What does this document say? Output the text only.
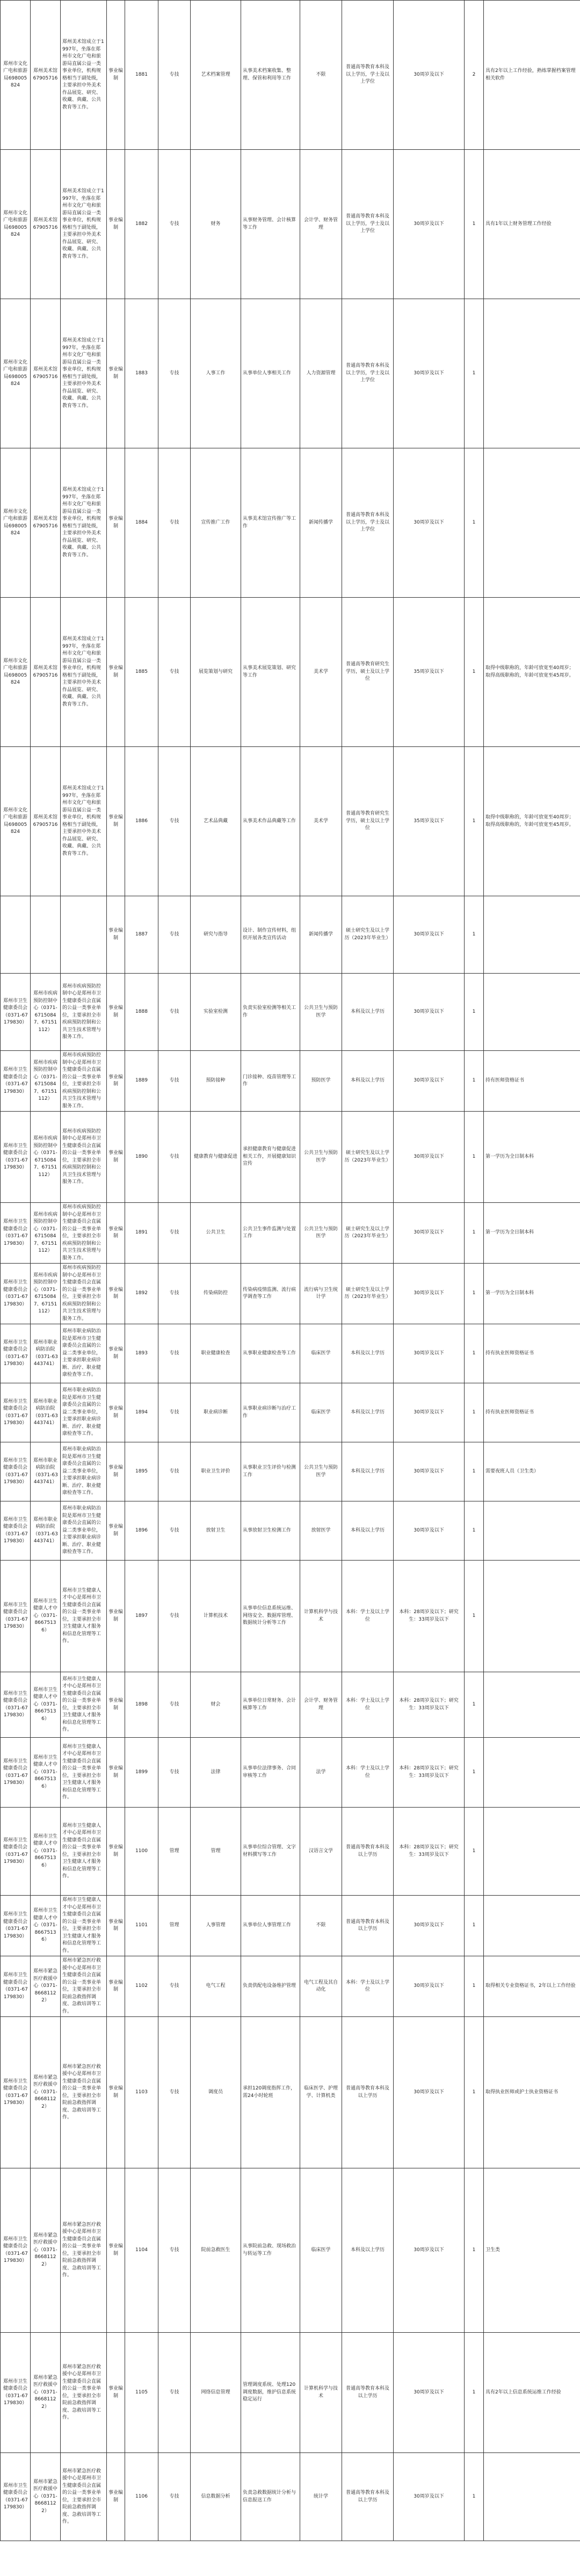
郑州市文化广电和旅游局698005824	郑州美术馆67905716	郑州美术馆成立于1997年，坐落在郑州市文化广电和旅游局直属公益一类事业单位，机构规格相当于副处级，主要承担中外美术作品展览、研究、收藏、典藏、公共教育等工作。	事业编制	1881	专技	艺术档案管理	从事美术档案收集、整理、保管和利用等工作	不限	普通高等教育本科及以上学历，学士及以上学位	30周岁及以下	2	具有2年以上工作经验，熟练掌握档案管理相关软件
郑州市文化广电和旅游局698005824	郑州美术馆67905716	郑州美术馆成立于1997年，坐落在郑州市文化广电和旅游局直属公益一类事业单位，机构规格相当于副处级，主要承担中外美术作品展览、研究、收藏、典藏、公共教育等工作。	事业编制	1882	专技	财务	从事财务管理、会计核算等工作	会计学、财务管理	普通高等教育本科及以上学历，学士及以上学位	30周岁及以下	1	具有1年以上财务管理工作经验
郑州市文化广电和旅游局698005824	郑州美术馆67905716	郑州美术馆成立于1997年，坐落在郑州市文化广电和旅游局直属公益一类事业单位，机构规格相当于副处级，主要承担中外美术作品展览、研究、收藏、典藏、公共教育等工作。	事业编制	1883	专技	人事工作	从事单位人事相关工作	人力资源管理	普通高等教育本科及以上学历，学士及以上学位	30周岁及以下	1	
郑州市文化广电和旅游局698005824	郑州美术馆67905716	郑州美术馆成立于1997年，坐落在郑州市文化广电和旅游局直属公益一类事业单位，机构规格相当于副处级，主要承担中外美术作品展览、研究、收藏、典藏、公共教育等工作。	事业编制	1884	专技	宣传推广工作	从事美术馆宣传推广等工作	新闻传播学	普通高等教育本科及以上学历，学士及以上学位	30周岁及以下	1	
郑州市文化广电和旅游局698005824	郑州美术馆67905716	郑州美术馆成立于1997年，坐落在郑州市文化广电和旅游局直属公益一类事业单位，机构规格相当于副处级，主要承担中外美术作品展览、研究、收藏、典藏、公共教育等工作。	事业编制	1885	专技	展览策划与研究	从事美术展览策划、研究等工作	美术学	普通高等教育研究生学历，硕士及以上学位	35周岁及以下	1	取得中级职称的，年龄可放宽至40周岁；取得高级职称的，年龄可放宽至45周岁。
郑州市文化广电和旅游局698005824	郑州美术馆67905716	郑州美术馆成立于1997年，坐落在郑州市文化广电和旅游局直属公益一类事业单位，机构规格相当于副处级，主要承担中外美术作品展览、研究、收藏、典藏、公共教育等工作。	事业编制	1886	专技	艺术品典藏	从事美术作品典藏等工作	美术学	普通高等教育研究生学历，硕士及以上学位	35周岁及以下	1	取得中级职称的，年龄可放宽至40周岁；取得高级职称的，年龄可放宽至45周岁。
			事业编制	1887	专技	研究与指导	设计、制作宣传材料，组织开展各类宣传活动	新闻传播学	硕士研究生及以上学历（2023年毕业生）	30周岁及以下	1	
郑州市卫生健康委员会（0371-67179830）	郑州市疾病预防控制中心（0371-67150847、67151112）	郑州市疾病预防控制中心是郑州市卫生健康委员会直属的公益一类事业单位，主要承担全市疾病预防控制和公共卫生技术管理与服务工作。	事业编制	1888	专技	实验室检测	负责实验室检测等相关工作	公共卫生与预防医学	本科及以上学历	30周岁及以下	1	
郑州市卫生健康委员会（0371-67179830）	郑州市疾病预防控制中心（0371-67150847、67151112）	郑州市疾病预防控制中心是郑州市卫生健康委员会直属的公益一类事业单位，主要承担全市疾病预防控制和公共卫生技术管理与服务工作。	事业编制	1889	专技	预防接种	门诊接种、疫苗管理等工作	预防医学	本科及以上学历	30周岁及以下	1	持有医师资格证书
郑州市卫生健康委员会（0371-67179830）	郑州市疾病预防控制中心（0371-67150847、67151112）	郑州市疾病预防控制中心是郑州市卫生健康委员会直属的公益一类事业单位，主要承担全市疾病预防控制和公共卫生技术管理与服务工作。	事业编制	1890	专技	健康教育与健康促进	承担健康教育与健康促进相关工作，开展健康知识宣传	公共卫生与预防医学	硕士研究生及以上学历（2023年毕业生）	30周岁及以下	1	第一学历为全日制本科
郑州市卫生健康委员会（0371-67179830）	郑州市疾病预防控制中心（0371-67150847、67151112）	郑州市疾病预防控制中心是郑州市卫生健康委员会直属的公益一类事业单位，主要承担全市疾病预防控制和公共卫生技术管理与服务工作。	事业编制	1891	专技	公共卫生	公共卫生事件监测与处置工作	公共卫生与预防医学	硕士研究生及以上学历（2023年毕业生）	30周岁及以下	1	第一学历为全日制本科
郑州市卫生健康委员会（0371-67179830）	郑州市疾病预防控制中心（0371-67150847、67151112）	郑州市疾病预防控制中心是郑州市卫生健康委员会直属的公益一类事业单位，主要承担全市疾病预防控制和公共卫生技术管理与服务工作。	事业编制	1892	专技	传染病防控	传染病疫情监测、流行病学调查等工作	流行病与卫生统计学	硕士研究生及以上学历（2023年毕业生）	30周岁及以下	1	第一学历为全日制本科
郑州市卫生健康委员会（0371-67179830）	郑州市职业病防治院（0371-63443741）	郑州市职业病防治院是郑州市卫生健康委员会直属的公益二类事业单位，主要承担职业病诊断、治疗、职业健康检查等工作。	事业编制	1893	专技	职业健康检查	从事职业健康检查等工作	临床医学	本科及以上学历	30周岁及以下	1	持有执业医师资格证书
郑州市卫生健康委员会（0371-67179830）	郑州市职业病防治院（0371-63443741）	郑州市职业病防治院是郑州市卫生健康委员会直属的公益二类事业单位，主要承担职业病诊断、治疗、职业健康检查等工作。	事业编制	1894	专技	职业病诊断	从事职业病诊断与治疗工作	临床医学	本科及以上学历	30周岁及以下	1	持有执业医师资格证书
郑州市卫生健康委员会（0371-67179830）	郑州市职业病防治院（0371-63443741）	郑州市职业病防治院是郑州市卫生健康委员会直属的公益二类事业单位，主要承担职业病诊断、治疗、职业健康检查等工作。	事业编制	1895	专技	职业卫生评价	从事职业卫生评价与检测工作	公共卫生与预防医学	本科及以上学历	30周岁及以下	1	需要夜班人员（卫生类）
郑州市卫生健康委员会（0371-67179830）	郑州市职业病防治院（0371-63443741）	郑州市职业病防治院是郑州市卫生健康委员会直属的公益二类事业单位，主要承担职业病诊断、治疗、职业健康检查等工作。	事业编制	1896	专技	放射卫生	从事放射卫生检测工作	放射医学	本科及以上学历	30周岁及以下	1	
郑州市卫生健康委员会（0371-67179830）	郑州市卫生健康人才中心（0371-86675136）	郑州市卫生健康人才中心是郑州市卫生健康委员会直属的公益一类事业单位，主要承担全市卫生健康人才服务和信息化管理等工作。	事业编制	1897	专技	计算机技术	从事单位信息系统运维、网络安全、数据库管理、数据统计分析等工作	计算机科学与技术	本科：学士及以上学位	本科：28周岁及以下；研究生：33周岁及以下	1	
郑州市卫生健康委员会（0371-67179830）	郑州市卫生健康人才中心（0371-86675136）	郑州市卫生健康人才中心是郑州市卫生健康委员会直属的公益一类事业单位，主要承担全市卫生健康人才服务和信息化管理等工作。	事业编制	1898	专技	财会	从事单位日常财务、会计核算等工作	会计学、财务管理	本科：学士及以上学位	本科：28周岁及以下；研究生：33周岁及以下	1	
郑州市卫生健康委员会（0371-67179830）	郑州市卫生健康人才中心（0371-86675136）	郑州市卫生健康人才中心是郑州市卫生健康委员会直属的公益一类事业单位，主要承担全市卫生健康人才服务和信息化管理等工作。	事业编制	1899	专技	法律	从事单位法律事务、合同审核等工作	法学	本科：学士及以上学位	本科：28周岁及以下；研究生：33周岁及以下	1	
郑州市卫生健康委员会（0371-67179830）	郑州市卫生健康人才中心（0371-86675136）	郑州市卫生健康人才中心是郑州市卫生健康委员会直属的公益一类事业单位，主要承担全市卫生健康人才服务和信息化管理等工作。	事业编制	1100	管理	管理	从事单位综合管理、文字材料撰写等工作	汉语言文学	普通高等教育本科及以上学历	本科：28周岁及以下；研究生：33周岁及以下	1	
郑州市卫生健康委员会（0371-67179830）	郑州市卫生健康人才中心（0371-86675136）	郑州市卫生健康人才中心是郑州市卫生健康委员会直属的公益一类事业单位，主要承担全市卫生健康人才服务和信息化管理等工作。	事业编制	1101	管理	人事管理	从事单位人事管理工作	不限	普通高等教育本科及以上学历	30周岁及以下	1	
郑州市卫生健康委员会（0371-67179830）	郑州市紧急医疗救援中心（0371-86681122）	郑州市紧急医疗救援中心是郑州市卫生健康委员会直属的公益一类事业单位，主要承担全市院前急救指挥调度、急救培训等工作。	事业编制	1102	专技	电气工程	负责供配电设备维护管理	电气工程及其自动化	本科：学士及以上学位	30周岁及以下	1	取得相关专业资格证书，2年以上工作经验
郑州市卫生健康委员会（0371-67179830）	郑州市紧急医疗救援中心（0371-86681122）	郑州市紧急医疗救援中心是郑州市卫生健康委员会直属的公益一类事业单位，主要承担全市院前急救指挥调度、急救培训等工作。	事业编制	1103	专技	调度员	承担120调度指挥工作，需24小时轮班	临床医学、护理学、计算机类	普通高等教育本科及以上学历	30周岁及以下	1	取得执业医师或护士执业资格证书
郑州市卫生健康委员会（0371-67179830）	郑州市紧急医疗救援中心（0371-86681122）	郑州市紧急医疗救援中心是郑州市卫生健康委员会直属的公益一类事业单位，主要承担全市院前急救指挥调度、急救培训等工作。	事业编制	1104	专技	院前急救医生	从事院前急救、现场救治与转运等工作	临床医学	本科及以上学历	30周岁及以下	1	卫生类
郑州市卫生健康委员会（0371-67179830）	郑州市紧急医疗救援中心（0371-86681122）	郑州市紧急医疗救援中心是郑州市卫生健康委员会直属的公益一类事业单位，主要承担全市院前急救指挥调度、急救培训等工作。	事业编制	1105	专技	网络信息管理	管理调度系统、处理120调度数据，维护信息系统稳定运行	计算机科学与技术	普通高等教育本科及以上学历	30周岁及以下	1	具有2年以上信息系统运维工作经验
郑州市卫生健康委员会（0371-67179830）	郑州市紧急医疗救援中心（0371-86681122）	郑州市紧急医疗救援中心是郑州市卫生健康委员会直属的公益一类事业单位，主要承担全市院前急救指挥调度、急救培训等工作。	事业编制	1106	专技	信息数据分析	负责急救数据统计分析与信息报送工作	统计学	普通高等教育本科及以上学历	30周岁及以下	1	
